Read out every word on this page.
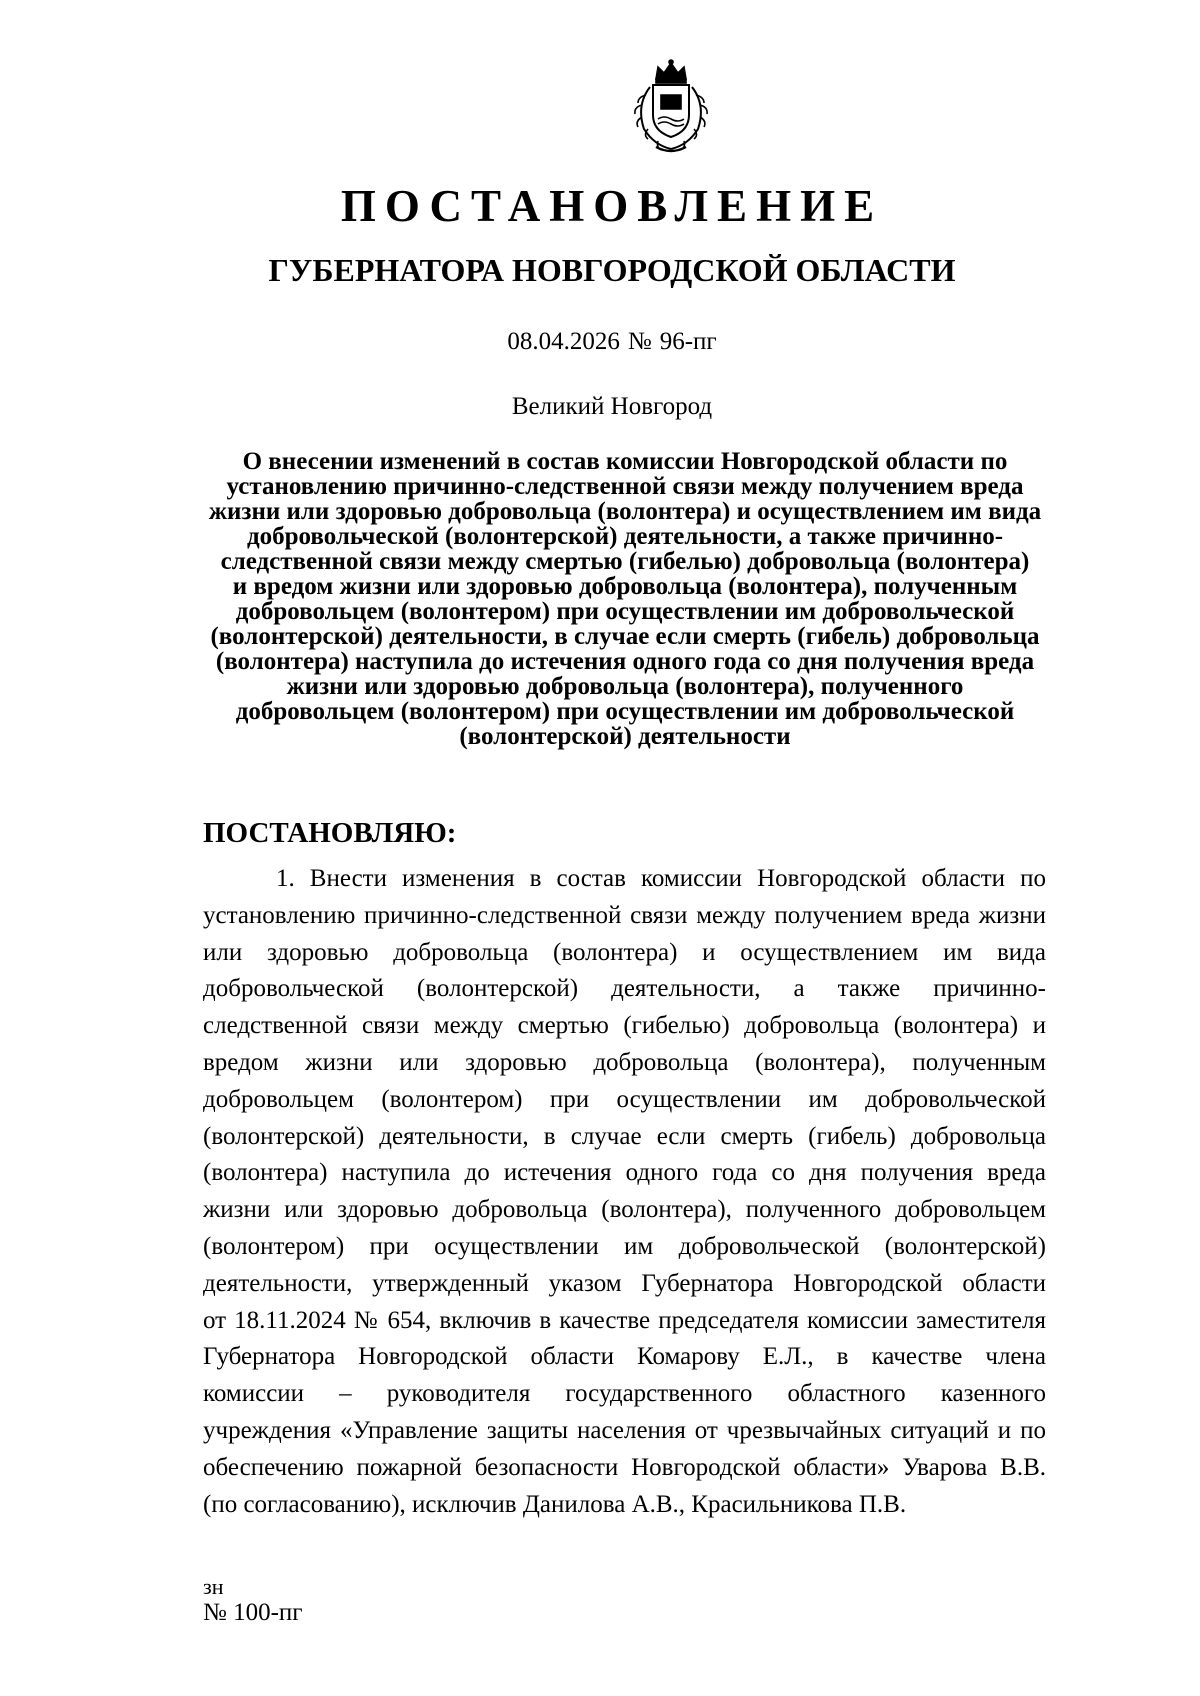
ПОСТАНОВЛЕНИЕ
ГУБЕРНАТОРА НОВГОРОДСКОЙ ОБЛАСТИ
08.04.2026 № 96-пг
Великий Новгород
О внесении изменений в состав комиссии Новгородской области по
установлению причинно-следственной связи между получением вреда
жизни или здоровью добровольца (волонтера) и осуществлением им вида
добровольческой (волонтерской) деятельности, а также причинно-
следственной связи между смертью (гибелью) добровольца (волонтера)
и вредом жизни или здоровью добровольца (волонтера), полученным
добровольцем (волонтером) при осуществлении им добровольческой
(волонтерской) деятельности, в случае если смерть (гибель) добровольца
(волонтера) наступила до истечения одного года со дня получения вреда
жизни или здоровью добровольца (волонтера), полученного
добровольцем (волонтером) при осуществлении им добровольческой
(волонтерской) деятельности
ПОСТАНОВЛЯЮ:
1. Внести изменения в состав комиссии Новгородской области по
установлению причинно-следственной связи между получением вреда жизни
или здоровью добровольца (волонтера) и осуществлением им вида
добровольческой (волонтерской) деятельности, а также причинно-
следственной связи между смертью (гибелью) добровольца (волонтера) и
вредом жизни или здоровью добровольца (волонтера), полученным
добровольцем (волонтером) при осуществлении им добровольческой
(волонтерской) деятельности, в случае если смерть (гибель) добровольца
(волонтера) наступила до истечения одного года со дня получения вреда
жизни или здоровью добровольца (волонтера), полученного добровольцем
(волонтером) при осуществлении им добровольческой (волонтерской)
деятельности, утвержденный указом Губернатора Новгородской области
от 18.11.2024 № 654, включив в качестве председателя комиссии заместителя
Губернатора Новгородской области Комарову Е.Л., в качестве члена
комиссии – руководителя государственного областного казенного
учреждения «Управление защиты населения от чрезвычайных ситуаций и по
обеспечению пожарной безопасности Новгородской области» Уварова В.В.
(по согласованию), исключив Данилова А.В., Красильникова П.В.
зн
№ 100-пг
